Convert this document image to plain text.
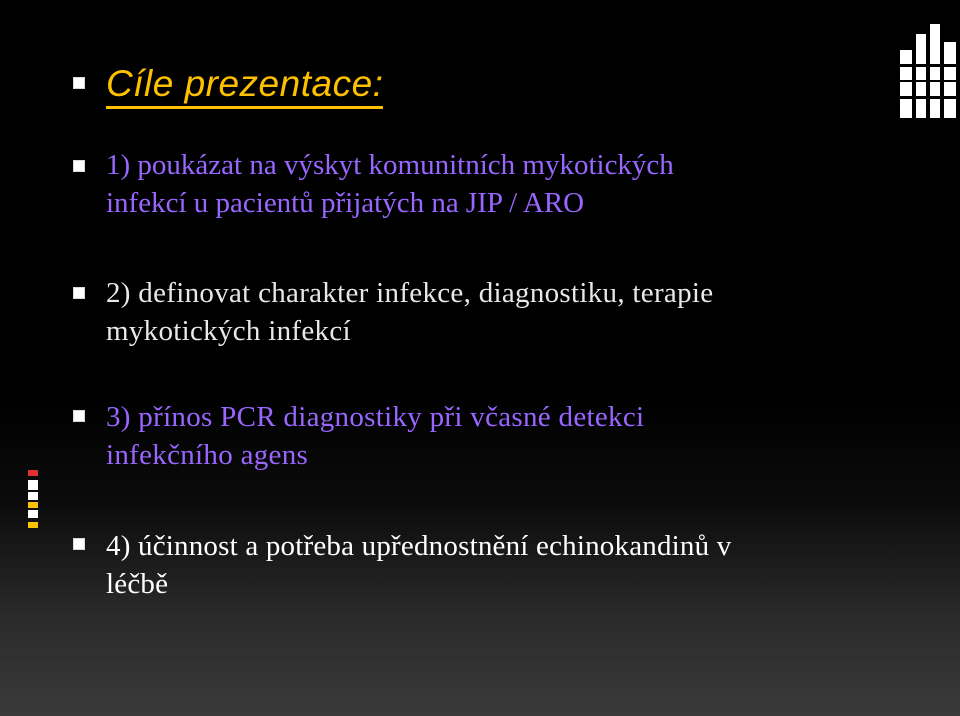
Cíle prezentace:

1) poukázat na výskyt komunitních mykotických
infekcí u pacientů přijatých na JIP / ARO

2) definovat charakter infekce, diagnostiku, terapie
mykotických infekcí

3) přínos PCR diagnostiky při včasné detekci
infekčního agens

4) účinnost a potřeba upřednostnění echinokandinů v
léčbě
